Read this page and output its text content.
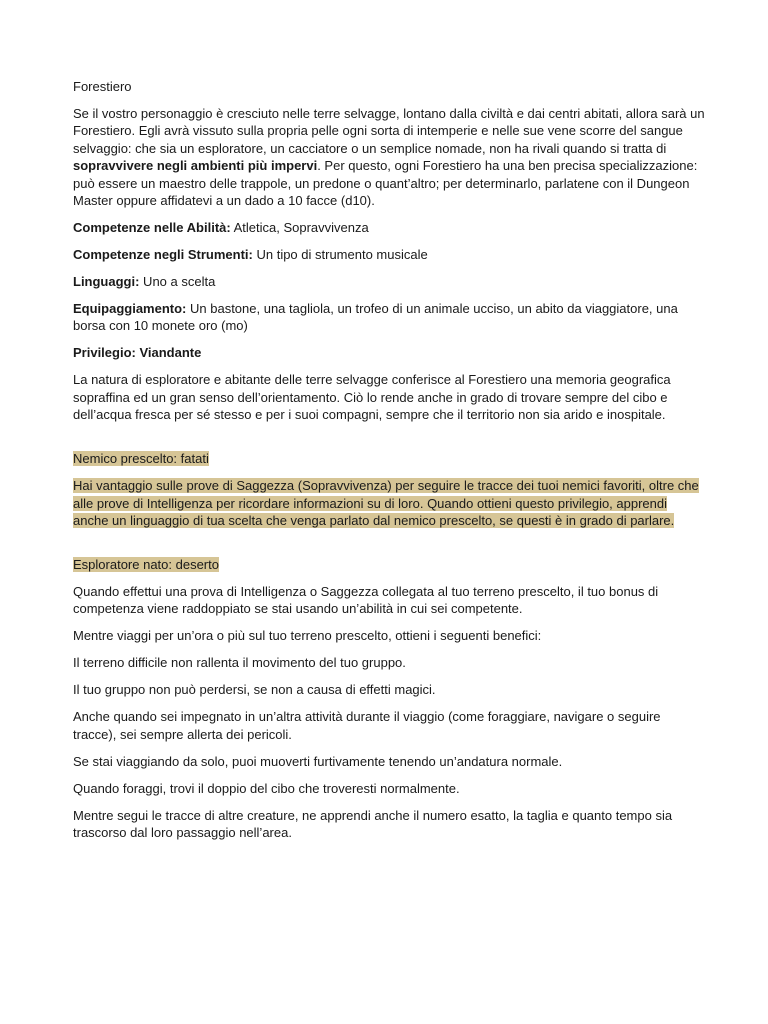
Forestiero

Se il vostro personaggio è cresciuto nelle terre selvagge, lontano dalla civiltà e dai centri abitati, allora sarà un Forestiero. Egli avrà vissuto sulla propria pelle ogni sorta di intemperie e nelle sue vene scorre del sangue selvaggio: che sia un esploratore, un cacciatore o un semplice nomade, non ha rivali quando si tratta di sopravvivere negli ambienti più impervi. Per questo, ogni Forestiero ha una ben precisa specializzazione: può essere un maestro delle trappole, un predone o quant’altro; per determinarlo, parlatene con il Dungeon Master oppure affidatevi a un dado a 10 facce (d10).

Competenze nelle Abilità: Atletica, Sopravvivenza

Competenze negli Strumenti: Un tipo di strumento musicale

Linguaggi: Uno a scelta

Equipaggiamento: Un bastone, una tagliola, un trofeo di un animale ucciso, un abito da viaggiatore, una borsa con 10 monete oro (mo)

Privilegio: Viandante

La natura di esploratore e abitante delle terre selvagge conferisce al Forestiero una memoria geografica sopraffina ed un gran senso dell’orientamento. Ciò lo rende anche in grado di trovare sempre del cibo e dell’acqua fresca per sé stesso e per i suoi compagni, sempre che il territorio non sia arido e inospitale.

Nemico prescelto: fatati

Hai vantaggio sulle prove di Saggezza (Sopravvivenza) per seguire le tracce dei tuoi nemici favoriti, oltre che alle prove di Intelligenza per ricordare informazioni su di loro. Quando ottieni questo privilegio, apprendi anche un linguaggio di tua scelta che venga parlato dal nemico prescelto, se questi è in grado di parlare.

Esploratore nato: deserto

Quando effettui una prova di Intelligenza o Saggezza collegata al tuo terreno prescelto, il tuo bonus di competenza viene raddoppiato se stai usando un’abilità in cui sei competente.

Mentre viaggi per un’ora o più sul tuo terreno prescelto, ottieni i seguenti benefici:

Il terreno difficile non rallenta il movimento del tuo gruppo.

Il tuo gruppo non può perdersi, se non a causa di effetti magici.

Anche quando sei impegnato in un’altra attività durante il viaggio (come foraggiare, navigare o seguire tracce), sei sempre allerta dei pericoli.

Se stai viaggiando da solo, puoi muoverti furtivamente tenendo un’andatura normale.

Quando foraggi, trovi il doppio del cibo che troveresti normalmente.

Mentre segui le tracce di altre creature, ne apprendi anche il numero esatto, la taglia e quanto tempo sia trascorso dal loro passaggio nell’area.
